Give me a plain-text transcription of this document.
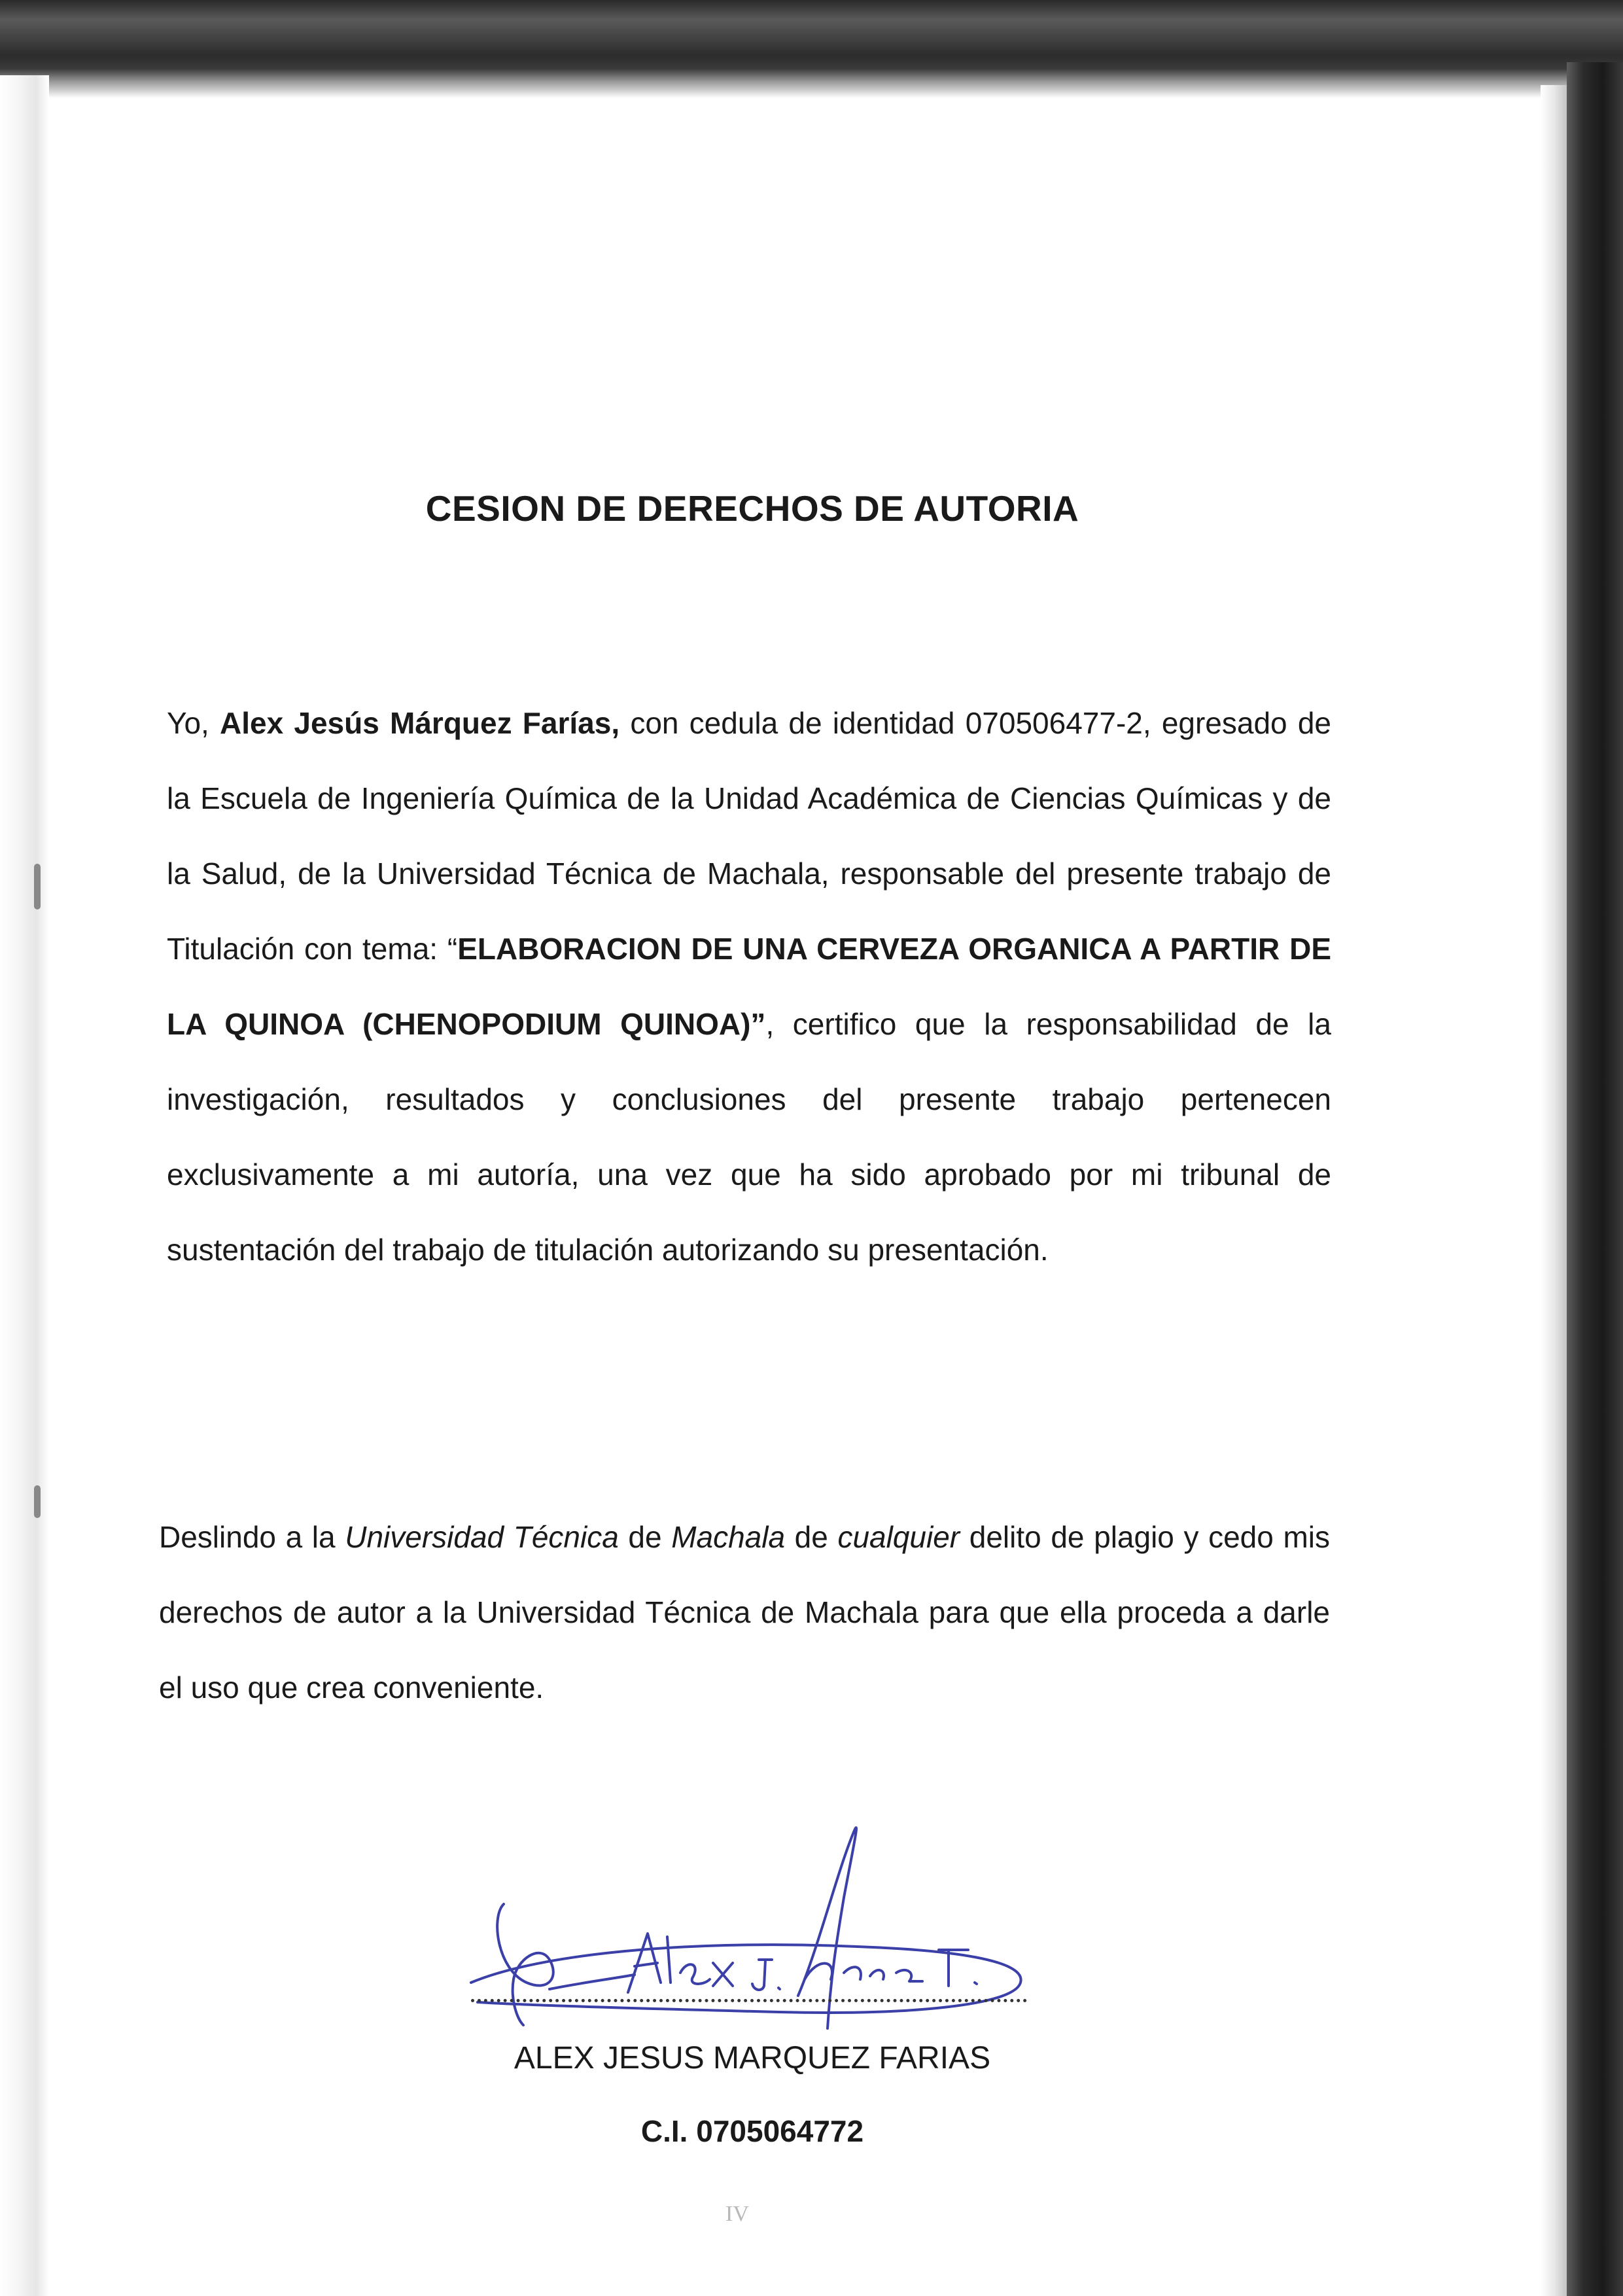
CESION DE DERECHOS DE AUTORIA

Yo, Alex Jesús Márquez Farías, con cedula de identidad 070506477-2, egresado de la Escuela de Ingeniería Química de la Unidad Académica de Ciencias Químicas y de la Salud, de la Universidad Técnica de Machala, responsable del presente trabajo de Titulación con tema: “ELABORACION DE UNA CERVEZA ORGANICA A PARTIR DE LA QUINOA (CHENOPODIUM QUINOA)”, certifico que la responsabilidad de la investigación, resultados y conclusiones del presente trabajo pertenecen exclusivamente a mi autoría, una vez que ha sido aprobado por mi tribunal de sustentación del trabajo de titulación autorizando su presentación.

Deslindo a la Universidad Técnica de Machala de cualquier delito de plagio y cedo mis derechos de autor a la Universidad Técnica de Machala para que ella proceda a darle el uso que crea conveniente.

ALEX JESUS MARQUEZ FARIAS
C.I. 0705064772
IV
